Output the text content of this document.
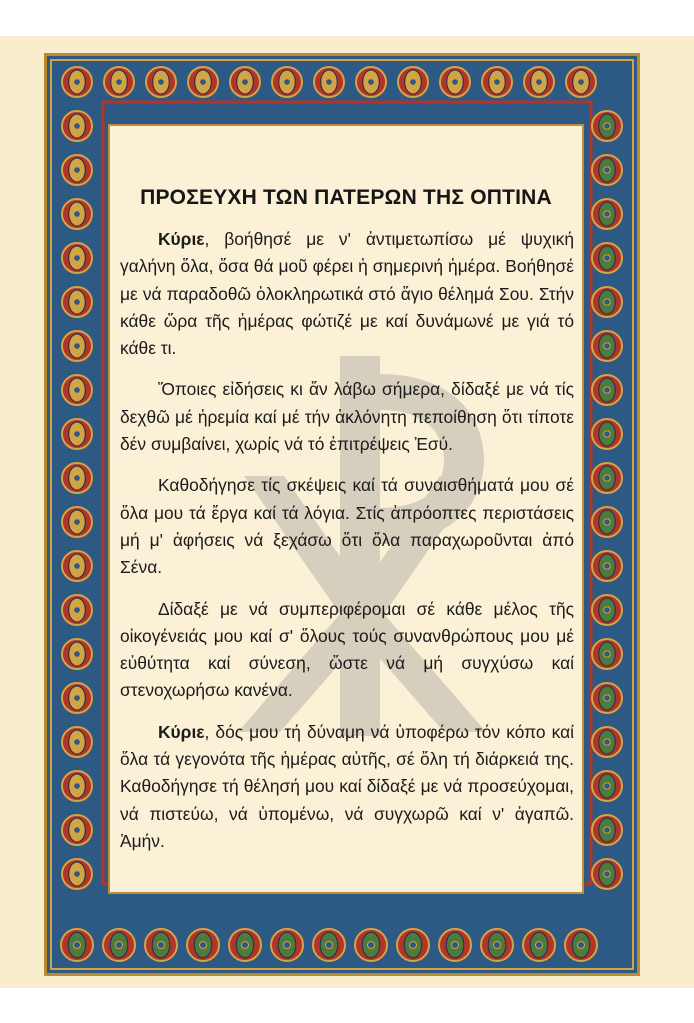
ΠΡΟΣΕΥΧΗ ΤΩΝ ΠΑΤΕΡΩΝ ΤΗΣ ΟΠΤΙΝΑ

Κύριε, βοήθησέ με ν' ἀντιμετωπίσω μέ ψυχική γαλήνη ὅλα, ὅσα θά μοῦ φέρει ἡ σημερινή ἡμέρα. Βοήθησέ με νά παραδοθῶ ὁλοκληρωτικά στό ἅγιο θέλημά Σου. Στήν κάθε ὥρα τῆς ἡμέρας φώτιζέ με καί δυνάμωνέ με γιά τό κάθε τι.

Ὅποιες εἰδήσεις κι ἄν λάβω σήμερα, δίδαξέ με νά τίς δεχθῶ μέ ἠρεμία καί μέ τήν ἀκλόνητη πεποίθηση ὅτι τίποτε δέν συμβαίνει, χωρίς νά τό ἐπιτρέψεις Ἐσύ.

Καθοδήγησε τίς σκέψεις καί τά συναισθήματά μου σέ ὅλα μου τά ἔργα καί τά λόγια. Στίς ἀπρόοπτες περιστάσεις μή μ' ἀφήσεις νά ξεχάσω ὅτι ὅλα παραχωροῦνται ἀπό Σένα.

Δίδαξέ με νά συμπεριφέρομαι σέ κάθε μέλος τῆς οἰκογένειάς μου καί σ' ὅλους τούς συνανθρώπους μου μέ εὐθύτητα καί σύνεση, ὥστε νά μή συγχύσω καί στενοχωρήσω κανένα.

Κύριε, δός μου τή δύναμη νά ὑποφέρω τόν κόπο καί ὅλα τά γεγονότα τῆς ἡμέρας αὐτῆς, σέ ὅλη τή διάρκειά της. Καθοδήγησε τή θέλησή μου καί δίδαξέ με νά προσεύχομαι, νά πιστεύω, νά ὑπομένω, νά συγχωρῶ καί ν' ἀγαπῶ. Ἀμήν.
